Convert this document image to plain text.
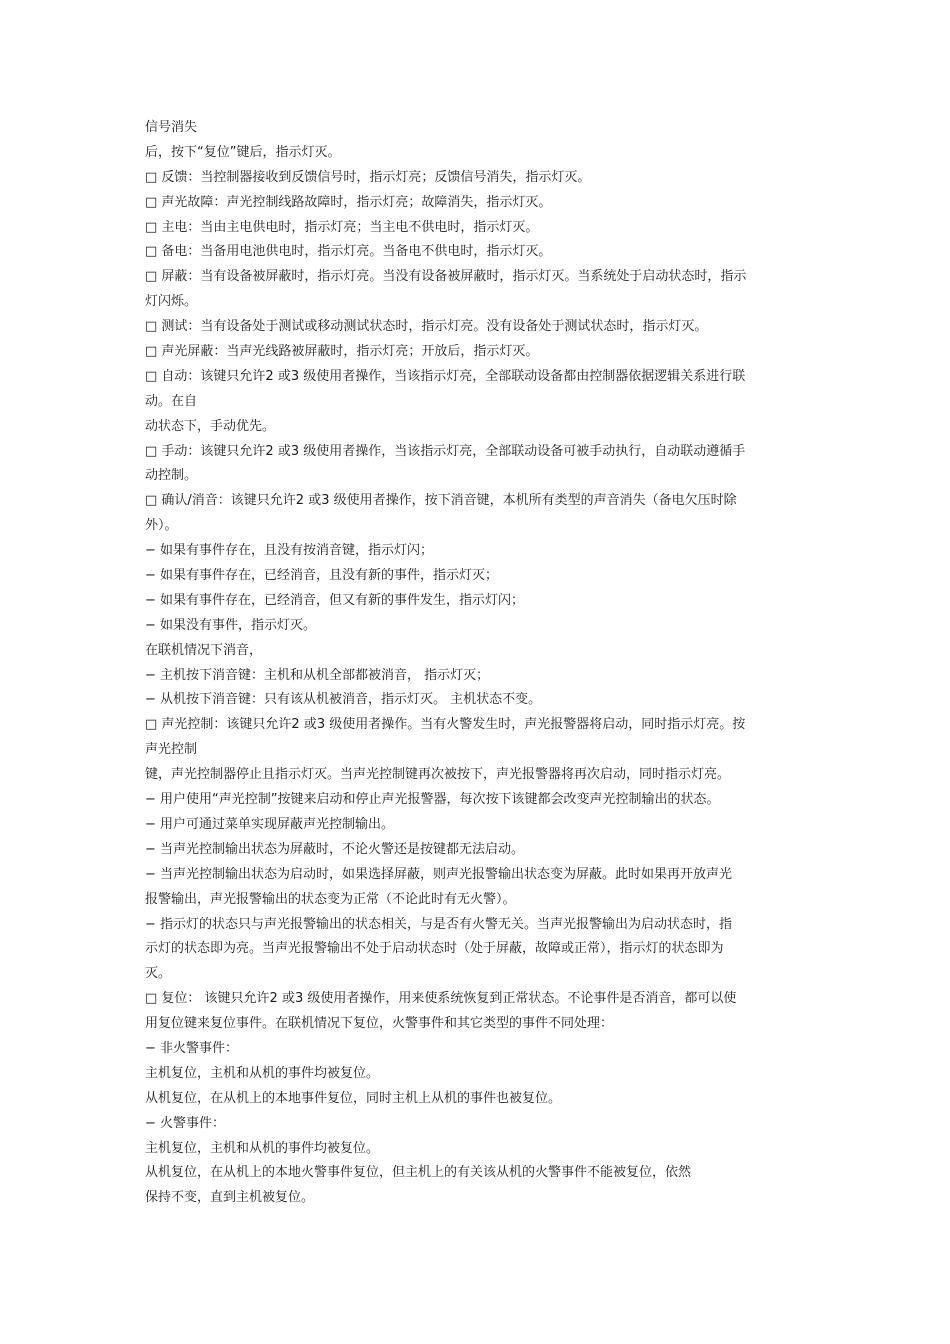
信号消失
后，按下“复位”键后，指示灯灭。
□ 反馈：当控制器接收到反馈信号时，指示灯亮；反馈信号消失，指示灯灭。
□ 声光故障：声光控制线路故障时，指示灯亮；故障消失，指示灯灭。
□ 主电：当由主电供电时，指示灯亮；当主电不供电时，指示灯灭。
□ 备电：当备用电池供电时，指示灯亮。当备电不供电时，指示灯灭。
□ 屏蔽：当有设备被屏蔽时，指示灯亮。当没有设备被屏蔽时，指示灯灭。当系统处于启动状态时，指示
灯闪烁。
□ 测试：当有设备处于测试或移动测试状态时，指示灯亮。没有设备处于测试状态时，指示灯灭。
□ 声光屏蔽：当声光线路被屏蔽时，指示灯亮；开放后，指示灯灭。
□ 自动：该键只允许2 或3 级使用者操作，当该指示灯亮，全部联动设备都由控制器依据逻辑关系进行联
动。在自
动状态下，手动优先。
□ 手动：该键只允许2 或3 级使用者操作，当该指示灯亮，全部联动设备可被手动执行，自动联动遵循手
动控制。
□ 确认/消音：该键只允许2 或3 级使用者操作，按下消音键，本机所有类型的声音消失（备电欠压时除
外）。
− 如果有事件存在，且没有按消音键，指示灯闪；
− 如果有事件存在，已经消音，且没有新的事件，指示灯灭；
− 如果有事件存在，已经消音，但又有新的事件发生，指示灯闪；
− 如果没有事件，指示灯灭。
在联机情况下消音，
− 主机按下消音键：主机和从机全部都被消音， 指示灯灭；
− 从机按下消音键：只有该从机被消音，指示灯灭。 主机状态不变。
□ 声光控制：该键只允许2 或3 级使用者操作。当有火警发生时，声光报警器将启动，同时指示灯亮。按
声光控制
键，声光控制器停止且指示灯灭。当声光控制键再次被按下，声光报警器将再次启动，同时指示灯亮。
− 用户使用“声光控制”按键来启动和停止声光报警器，每次按下该键都会改变声光控制输出的状态。
− 用户可通过菜单实现屏蔽声光控制输出。
− 当声光控制输出状态为屏蔽时，不论火警还是按键都无法启动。
− 当声光控制输出状态为启动时，如果选择屏蔽，则声光报警输出状态变为屏蔽。此时如果再开放声光
报警输出，声光报警输出的状态变为正常（不论此时有无火警）。
− 指示灯的状态只与声光报警输出的状态相关，与是否有火警无关。当声光报警输出为启动状态时，指
示灯的状态即为亮。当声光报警输出不处于启动状态时（处于屏蔽，故障或正常），指示灯的状态即为
灭。
□ 复位： 该键只允许2 或3 级使用者操作，用来使系统恢复到正常状态。不论事件是否消音，都可以使
用复位键来复位事件。在联机情况下复位，火警事件和其它类型的事件不同处理：
− 非火警事件：
主机复位，主机和从机的事件均被复位。
从机复位，在从机上的本地事件复位，同时主机上从机的事件也被复位。
− 火警事件：
主机复位，主机和从机的事件均被复位。
从机复位，在从机上的本地火警事件复位，但主机上的有关该从机的火警事件不能被复位，依然
保持不变，直到主机被复位。
